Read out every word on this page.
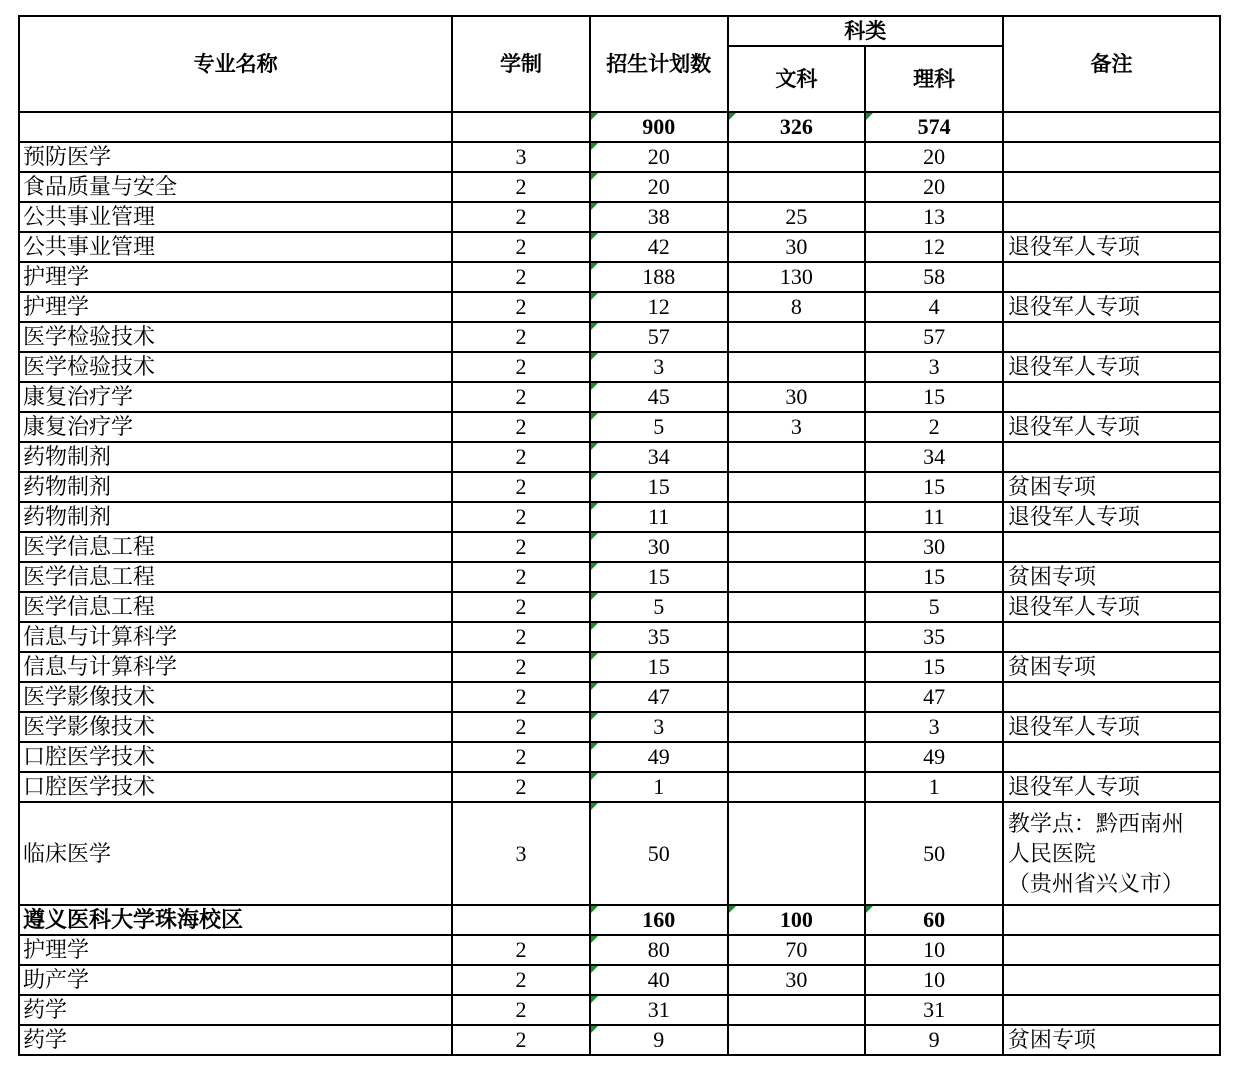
专业名称	学制	招生计划数	科类		备注
			文科	理科	
		900	326	574	
预防医学	3	20		20	
食品质量与安全	2	20		20	
公共事业管理	2	38	25	13	
公共事业管理	2	42	30	12	退役军人专项
护理学	2	188	130	58	
护理学	2	12	8	4	退役军人专项
医学检验技术	2	57		57	
医学检验技术	2	3		3	退役军人专项
康复治疗学	2	45	30	15	
康复治疗学	2	5	3	2	退役军人专项
药物制剂	2	34		34	
药物制剂	2	15		15	贫困专项
药物制剂	2	11		11	退役军人专项
医学信息工程	2	30		30	
医学信息工程	2	15		15	贫困专项
医学信息工程	2	5		5	退役军人专项
信息与计算科学	2	35		35	
信息与计算科学	2	15		15	贫困专项
医学影像技术	2	47		47	
医学影像技术	2	3		3	退役军人专项
口腔医学技术	2	49		49	
口腔医学技术	2	1		1	退役军人专项
临床医学	3	50		50	教学点：黔西南州
人民医院
（贵州省兴义市）

遵义医科大学珠海校区		160	100	60	
护理学	2	80	70	10	
助产学	2	40	30	10	
药学	2	31		31	
药学	2	9		9	贫困专项
